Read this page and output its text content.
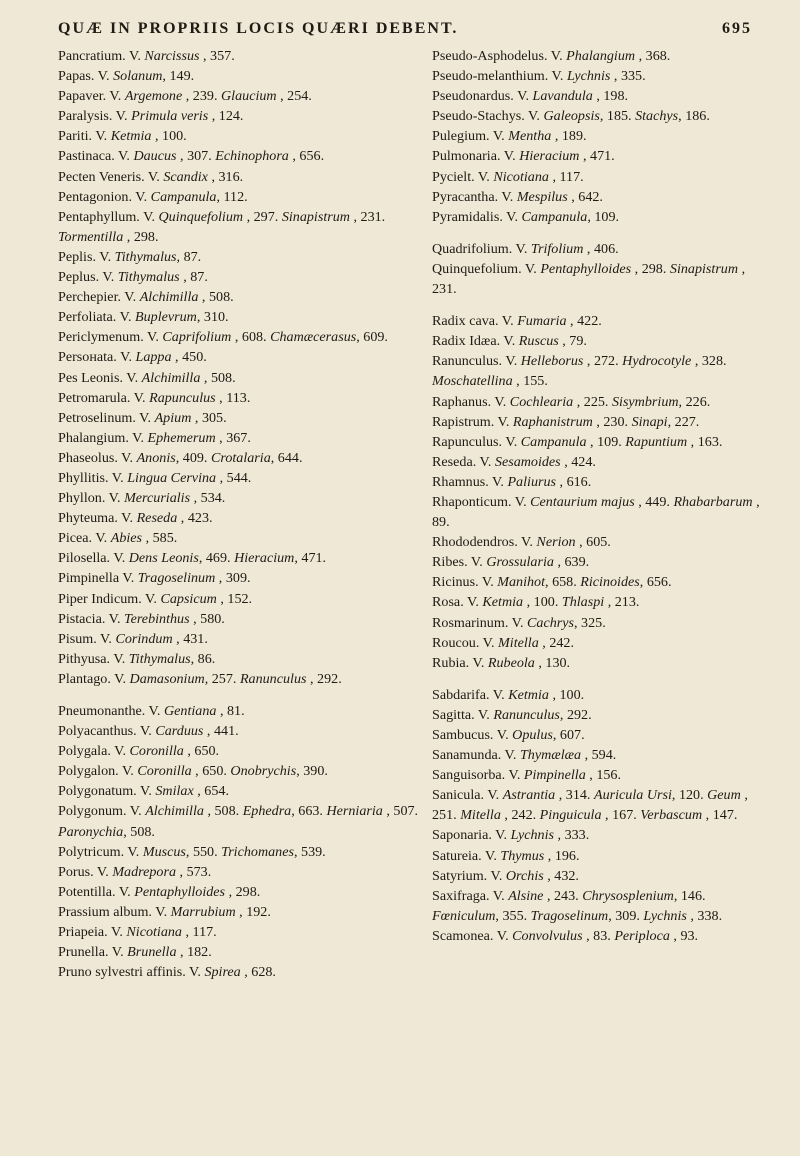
QUÆ IN PROPRIIS LOCIS QUÆRI DEBENT.	695

Pancratium. V. Narcissus , 357.

Papas. V. Solanum, 149.

Papaver. V. Argemone , 239. Glaucium , 254.

Paralysis. V. Primula veris , 124.

Pariti. V. Ketmia , 100.

Pastinaca. V. Daucus , 307. Echinophora , 656.

Pecten Veneris. V. Scandix , 316.

Pentagonion. V. Campanula, 112.

Pentaphyllum. V. Quinquefolium , 297. Sinapistrum , 231. Tormentilla , 298.

Peplis. V. Tithymalus, 87.

Peplus. V. Tithymalus , 87.

Perchepier. V. Alchimilla , 508.

Perfoliata. V. Buplevrum, 310.

Periclymenum. V. Caprifolium , 608. Chamæcerasus, 609.

Persoнata. V. Lappa , 450.

Pes Leonis. V. Alchimilla , 508.

Petromarula. V. Rapunculus , 113.

Petroselinum. V. Apium , 305.

Phalangium. V. Ephemerum , 367.

Phaseolus. V. Anonis, 409. Crotalaria, 644.

Phyllitis. V. Lingua Cervina , 544.

Phyllon. V. Mercurialis , 534.

Phyteuma. V. Reseda , 423.

Picea. V. Abies , 585.

Pilosella. V. Dens Leonis, 469. Hieracium, 471.

Pimpinella V. Tragoselinum , 309.

Piper Indicum. V. Capsicum , 152.

Pistacia. V. Terebinthus , 580.

Pisum. V. Corindum , 431.

Pithyusa. V. Tithymalus, 86.

Plantago. V. Damasonium, 257. Ranunculus , 292.

Pneumonanthe. V. Gentiana , 81.

Polyacanthus. V. Carduus , 441.

Polygala. V. Coronilla , 650.

Polygalon. V. Coronilla , 650. Onobrychis, 390.

Polygonatum. V. Smilax , 654.

Polygonum. V. Alchimilla , 508. Ephedra, 663. Herniaria , 507. Paronychia, 508.

Polytricum. V. Muscus, 550. Trichomanes, 539.

Porus. V. Madrepora , 573.

Potentilla. V. Pentaphylloides , 298.

Prassium album. V. Marrubium , 192.

Priapeia. V. Nicotiana , 117.

Prunella. V. Brunella , 182.

Pruno sylvestri affinis. V. Spirea , 628.

Pseudo-Asphodelus. V. Phalangium , 368.

Pseudo-melanthium. V. Lychnis , 335.

Pseudonardus. V. Lavandula , 198.

Pseudo-Stachys. V. Galeopsis, 185. Stachys, 186.

Pulegium. V. Mentha , 189.

Pulmonaria. V. Hieracium , 471.

Pycielt. V. Nicotiana , 117.

Pyracantha. V. Mespilus , 642.

Pyramidalis. V. Campanula, 109.

Quadrifolium. V. Trifolium , 406.

Quinquefolium. V. Pentaphylloides , 298. Sinapistrum , 231.

Radix cava. V. Fumaria , 422.

Radix Idæa. V. Ruscus , 79.

Ranunculus. V. Helleborus , 272. Hydrocotyle , 328. Moschatellina , 155.

Raphanus. V. Cochlearia , 225. Sisymbrium, 226.

Rapistrum. V. Raphanistrum , 230. Sinapi, 227.

Rapunculus. V. Campanula , 109. Rapuntium , 163.

Reseda. V. Sesamoides , 424.

Rhamnus. V. Paliurus , 616.

Rhaponticum. V. Centaurium majus , 449. Rhabarbarum , 89.

Rhododendros. V. Nerion , 605.

Ribes. V. Grossularia , 639.

Ricinus. V. Manihot, 658. Ricinoides, 656.

Rosa. V. Ketmia , 100. Thlaspi , 213.

Rosmarinum. V. Cachrys, 325.

Roucou. V. Mitella , 242.

Rubia. V. Rubeola , 130.

Sabdarifa. V. Ketmia , 100.

Sagitta. V. Ranunculus, 292.

Sambucus. V. Opulus, 607.

Sanamunda. V. Thymælæa , 594.

Sanguisorba. V. Pimpinella , 156.

Sanicula. V. Astrantia , 314. Auricula Ursi, 120. Geum , 251. Mitella , 242. Pinguicula , 167. Verbascum , 147.

Saponaria. V. Lychnis , 333.

Satureia. V. Thymus , 196.

Satyrium. V. Orchis , 432.

Saxifraga. V. Alsine , 243. Chrysosplenium, 146. Fœniculum, 355. Tragoselinum, 309. Lychnis , 338.

Scamonea. V. Convolvulus , 83. Periploca , 93.
